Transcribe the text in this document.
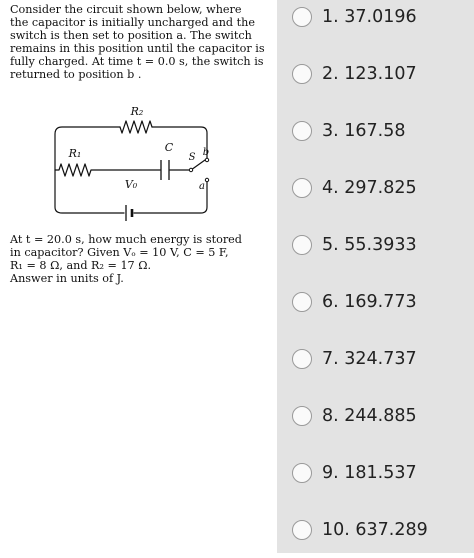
Consider the circuit shown below, where
the capacitor is initially uncharged and the
switch is then set to position a. The switch
remains in this position until the capacitor is
fully charged. At time t = 0.0 s, the switch is
returned to position b .
R₂
R₁	C
S b
a
V₀
At t = 20.0 s, how much energy is stored
in capacitor? Given Vₒ = 10 V, C = 5 F,
R₁ = 8 Ω, and R₂ = 17 Ω.
Answer in units of J.
1. 37.0196
2. 123.107
3. 167.58
4. 297.825
5. 55.3933
6. 169.773
7. 324.737
8. 244.885
9. 181.537
10. 637.289
